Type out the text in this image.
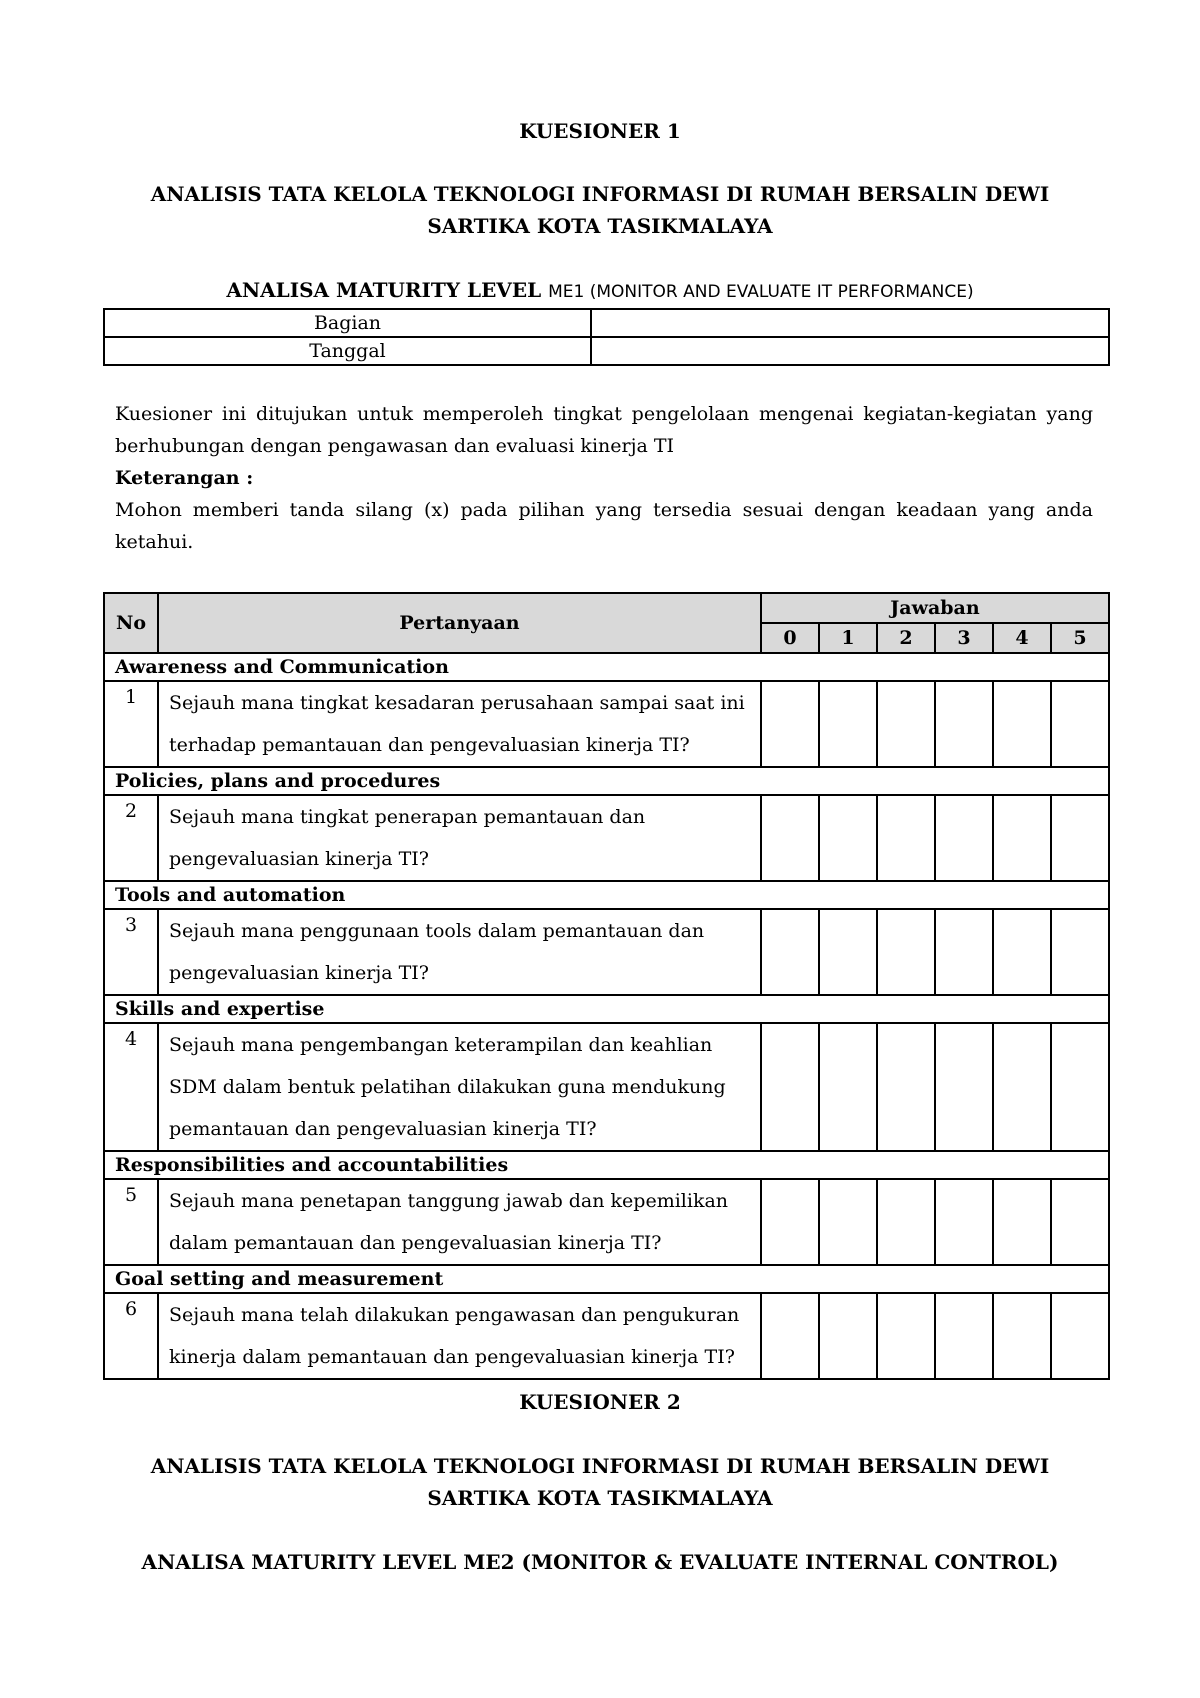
KUESIONER 1
ANALISIS TATA KELOLA TEKNOLOGI INFORMASI DI RUMAH BERSALIN DEWI
SARTIKA KOTA TASIKMALAYA
ANALISA MATURITY LEVEL ME1 (MONITOR AND EVALUATE IT PERFORMANCE)
Bagian	
Tanggal	

Kuesioner ini ditujukan untuk memperoleh tingkat pengelolaan mengenai kegiatan-kegiatan yang berhubungan dengan pengawasan dan evaluasi kinerja TI

Keterangan :

Mohon memberi tanda silang (x) pada pilihan yang tersedia sesuai dengan keadaan yang anda ketahui.

No	Pertanyaan	Jawaban					
		0	1	2	3	4	5
Awareness and Communication							
1	Sejauh mana tingkat kesadaran perusahaan sampai saat ini terhadap pemantauan dan pengevaluasian kinerja TI?						
Policies, plans and procedures							
2	Sejauh mana tingkat penerapan pemantauan dan pengevaluasian kinerja TI?						
Tools and automation							
3	Sejauh mana penggunaan tools dalam pemantauan dan pengevaluasian kinerja TI?						
Skills and expertise							
4	Sejauh mana pengembangan keterampilan dan keahlian SDM dalam bentuk pelatihan dilakukan guna mendukung pemantauan dan pengevaluasian kinerja TI?						
Responsibilities and accountabilities							
5	Sejauh mana penetapan tanggung jawab dan kepemilikan dalam pemantauan dan pengevaluasian kinerja TI?						
Goal setting and measurement							
6	Sejauh mana telah dilakukan pengawasan dan pengukuran kinerja dalam pemantauan dan pengevaluasian kinerja TI?						
KUESIONER 2
ANALISIS TATA KELOLA TEKNOLOGI INFORMASI DI RUMAH BERSALIN DEWI
SARTIKA KOTA TASIKMALAYA
ANALISA MATURITY LEVEL ME2 (MONITOR & EVALUATE INTERNAL CONTROL)
